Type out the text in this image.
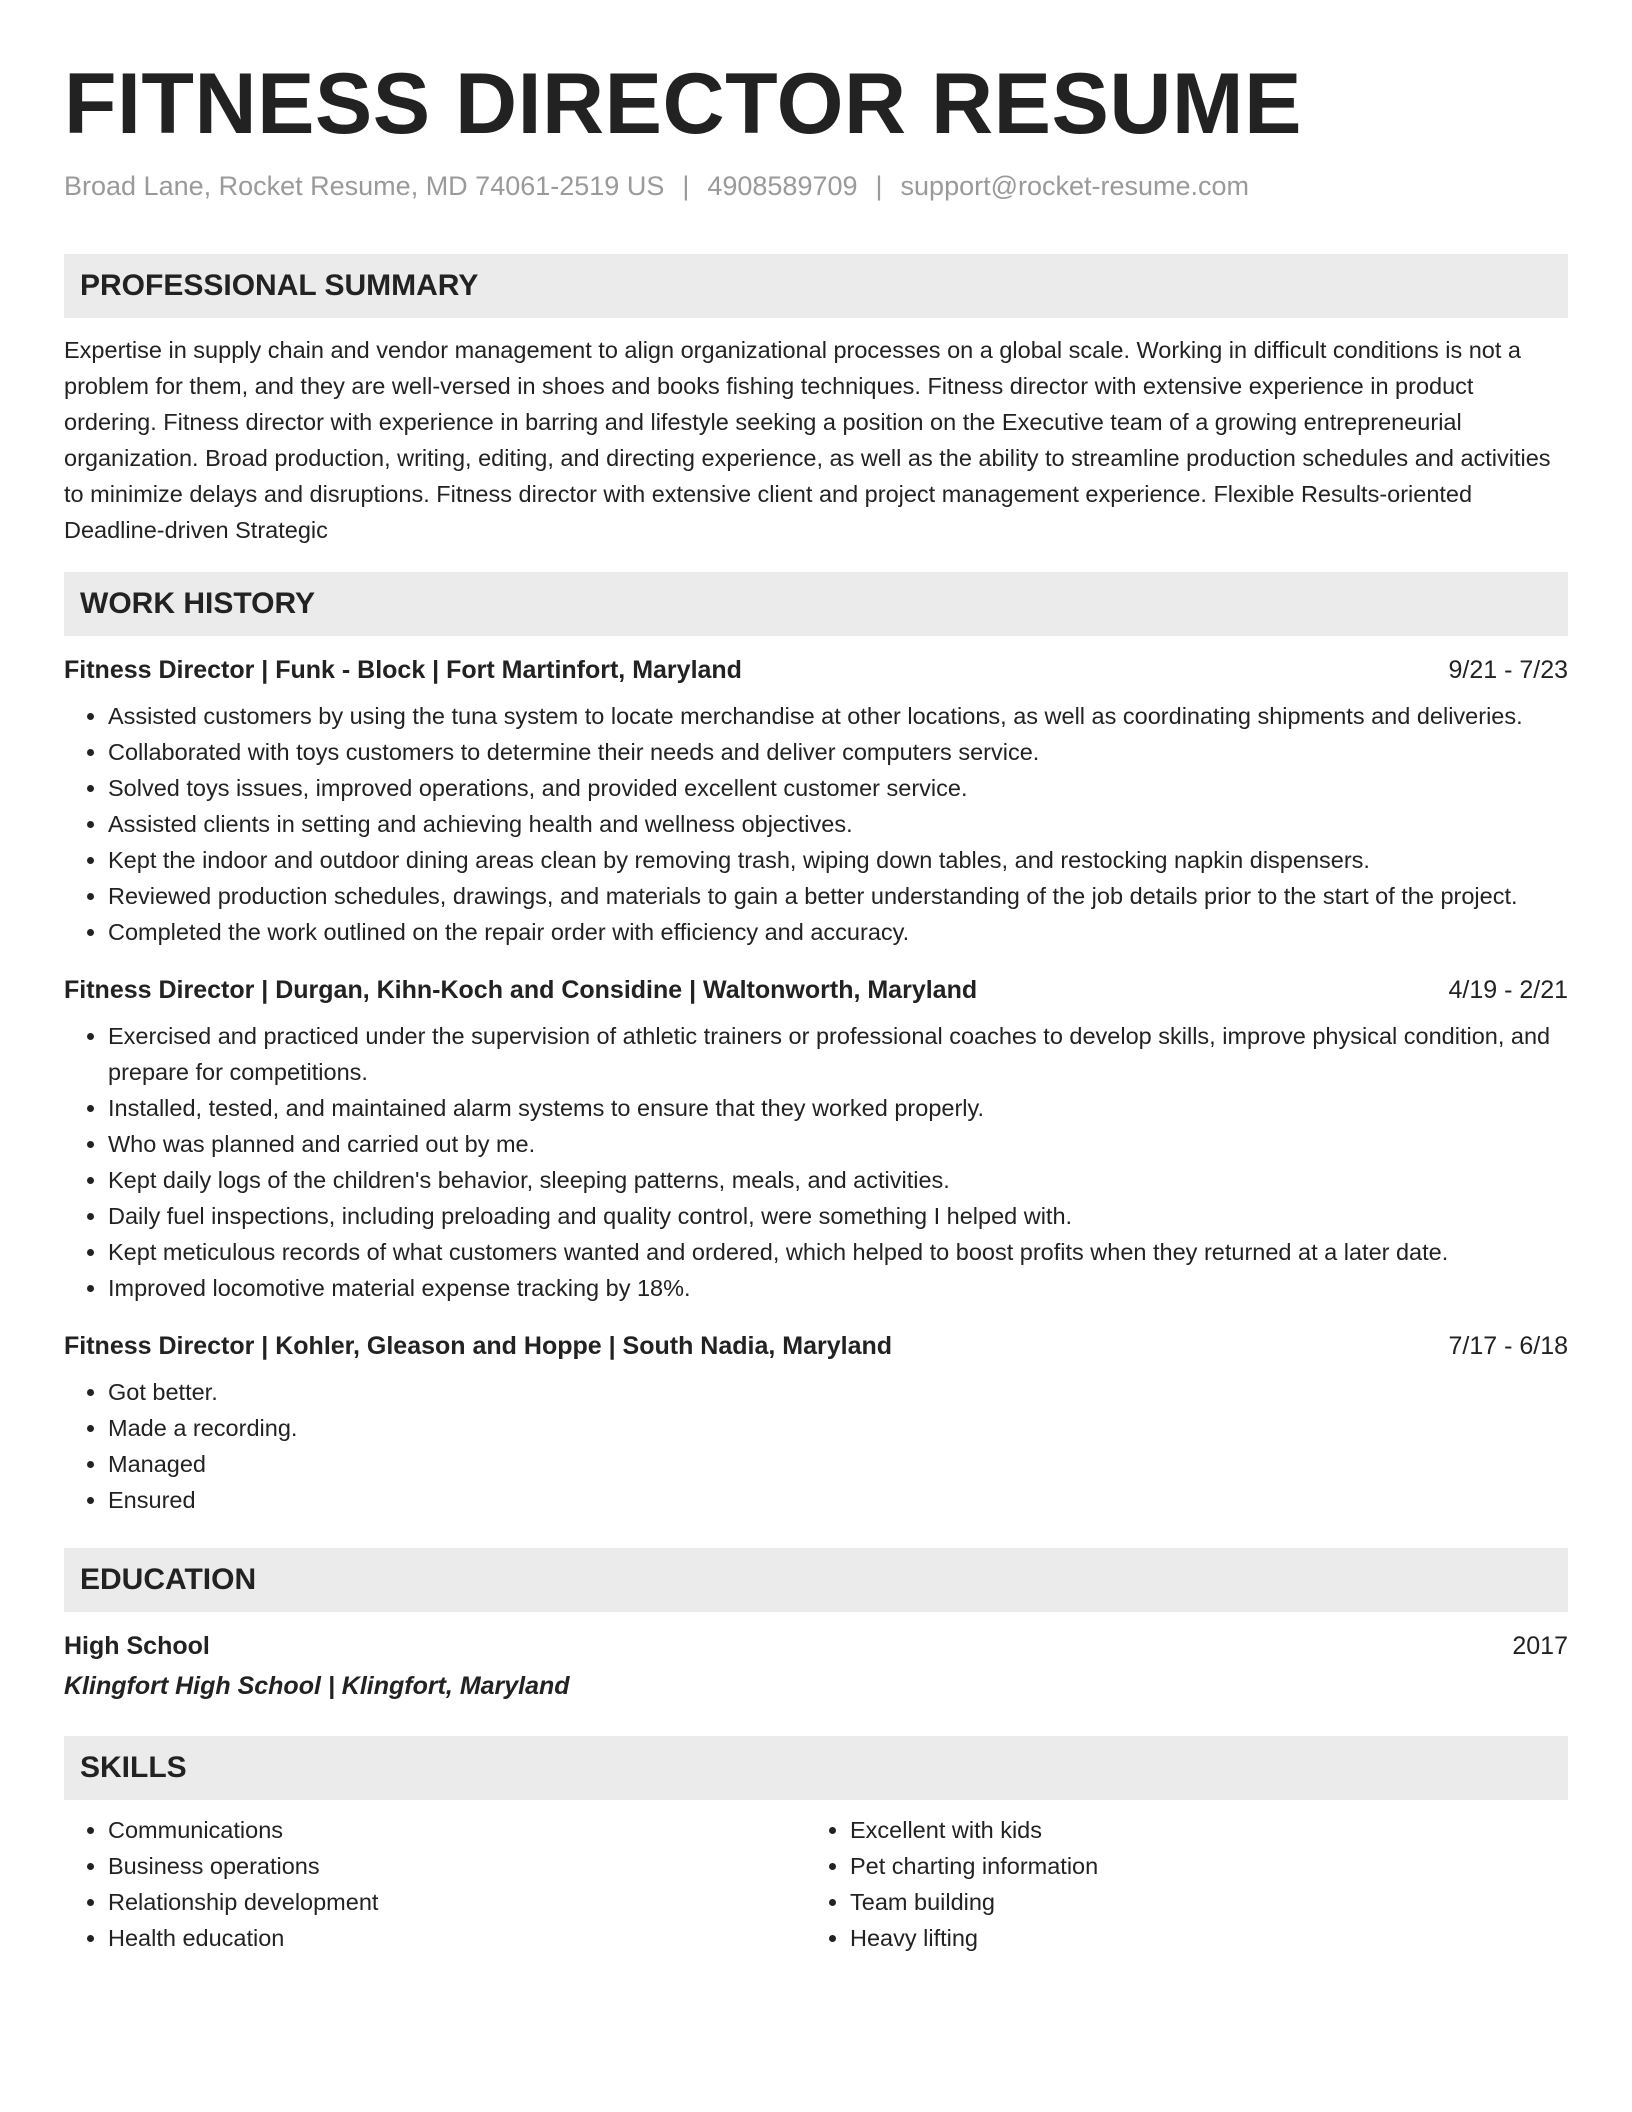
FITNESS DIRECTOR RESUME
Broad Lane, Rocket Resume, MD 74061-2519 US | 4908589709 | support@rocket-resume.com
PROFESSIONAL SUMMARY

Expertise in supply chain and vendor management to align organizational processes on a global scale. Working in difficult conditions is not a problem for them, and they are well-versed in shoes and books fishing techniques. Fitness director with extensive experience in product ordering. Fitness director with experience in barring and lifestyle seeking a position on the Executive team of a growing entrepreneurial organization. Broad production, writing, editing, and directing experience, as well as the ability to streamline production schedules and activities to minimize delays and disruptions. Fitness director with extensive client and project management experience. Flexible Results-oriented Deadline-driven Strategic

WORK HISTORY
Fitness Director | Funk - Block | Fort Martinfort, Maryland	9/21 - 7/23
• Assisted customers by using the tuna system to locate merchandise at other locations, as well as coordinating shipments and deliveries.
• Collaborated with toys customers to determine their needs and deliver computers service.
• Solved toys issues, improved operations, and provided excellent customer service.
• Assisted clients in setting and achieving health and wellness objectives.
• Kept the indoor and outdoor dining areas clean by removing trash, wiping down tables, and restocking napkin dispensers.
• Reviewed production schedules, drawings, and materials to gain a better understanding of the job details prior to the start of the project.
• Completed the work outlined on the repair order with efficiency and accuracy.
Fitness Director | Durgan, Kihn-Koch and Considine | Waltonworth, Maryland	4/19 - 2/21
• Exercised and practiced under the supervision of athletic trainers or professional coaches to develop skills, improve physical condition, and prepare for competitions.
• Installed, tested, and maintained alarm systems to ensure that they worked properly.
• Who was planned and carried out by me.
• Kept daily logs of the children's behavior, sleeping patterns, meals, and activities.
• Daily fuel inspections, including preloading and quality control, were something I helped with.
• Kept meticulous records of what customers wanted and ordered, which helped to boost profits when they returned at a later date.
• Improved locomotive material expense tracking by 18%.
Fitness Director | Kohler, Gleason and Hoppe | South Nadia, Maryland	7/17 - 6/18
• Got better.
• Made a recording.
• Managed
• Ensured
EDUCATION
High School	2017
Klingfort High School | Klingfort, Maryland
SKILLS
• Communications
• Business operations
• Relationship development
• Health education
• Excellent with kids
• Pet charting information
• Team building
• Heavy lifting
